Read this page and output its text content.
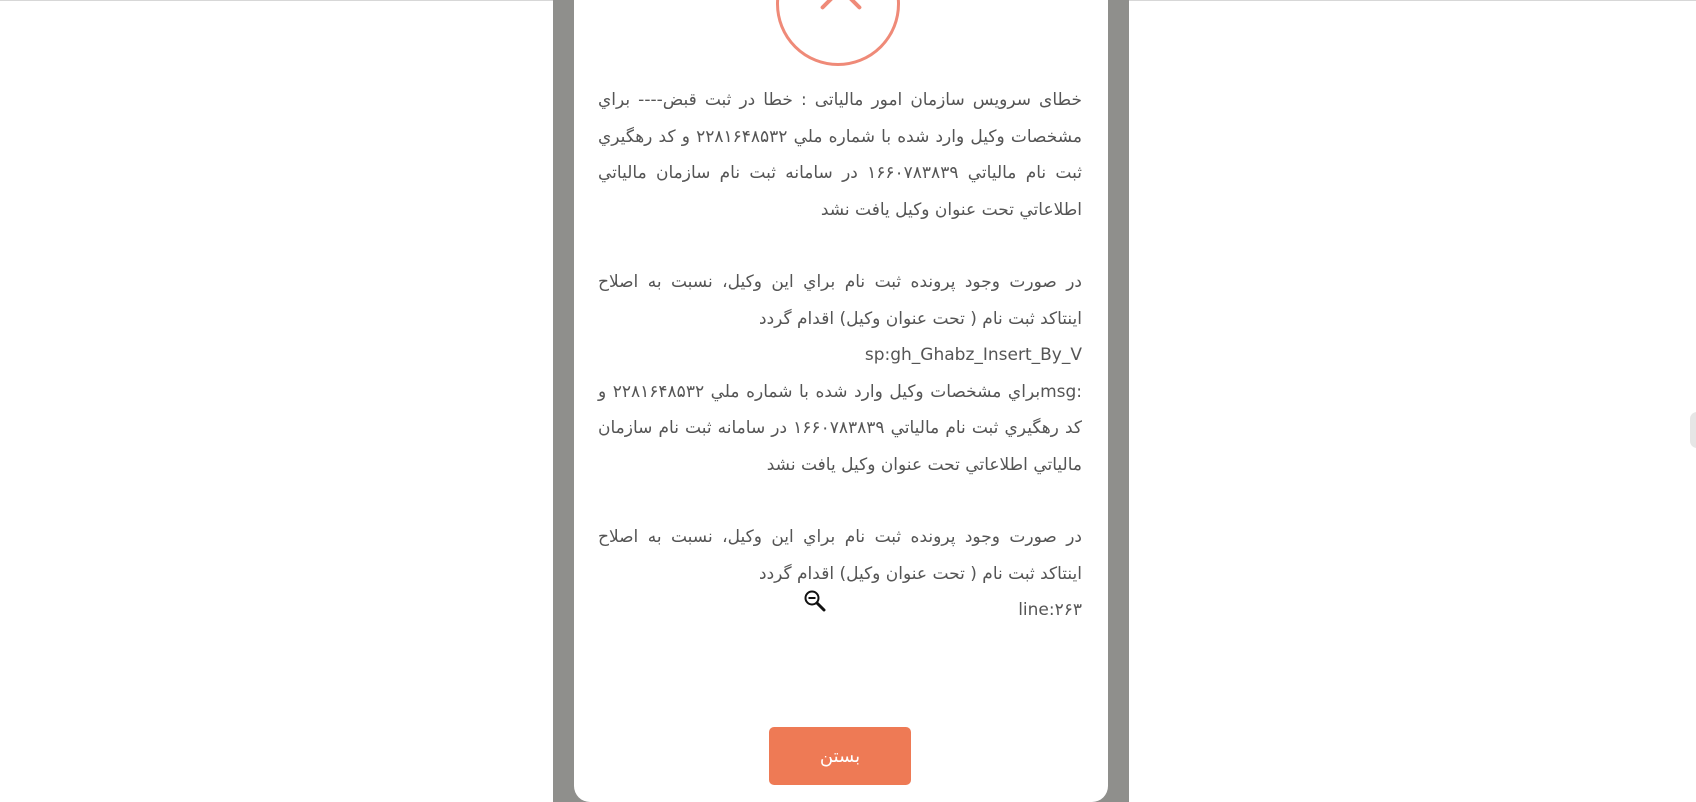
خطای سرویس سازمان امور مالیاتی : خطا در ثبت قبض---- براي مشخصات وكيل وارد شده با شماره ملي ۲۲۸۱۶۴۸۵۳۲ و كد رهگيري ثبت نام مالياتي ۱۶۶۰۷۸۳۸۳۹ در سامانه ثبت نام سازمان مالياتي اطلاعاتي تحت عنوان وكيل يافت نشد

در صورت وجود پرونده ثبت نام براي اين وكيل، نسبت به اصلاح اينتاكد ثبت نام ( تحت عنوان وكيل) اقدام گردد

sp:gh_Ghabz_Insert_By_V

msg:براي مشخصات وكيل وارد شده با شماره ملي ۲۲۸۱۶۴۸۵۳۲ و كد رهگيري ثبت نام مالياتي ۱۶۶۰۷۸۳۸۳۹ در سامانه ثبت نام سازمان مالياتي اطلاعاتي تحت عنوان وكيل يافت نشد

در صورت وجود پرونده ثبت نام براي اين وكيل، نسبت به اصلاح اينتاكد ثبت نام ( تحت عنوان وكيل) اقدام گردد

line:۲۶۳

بستن
